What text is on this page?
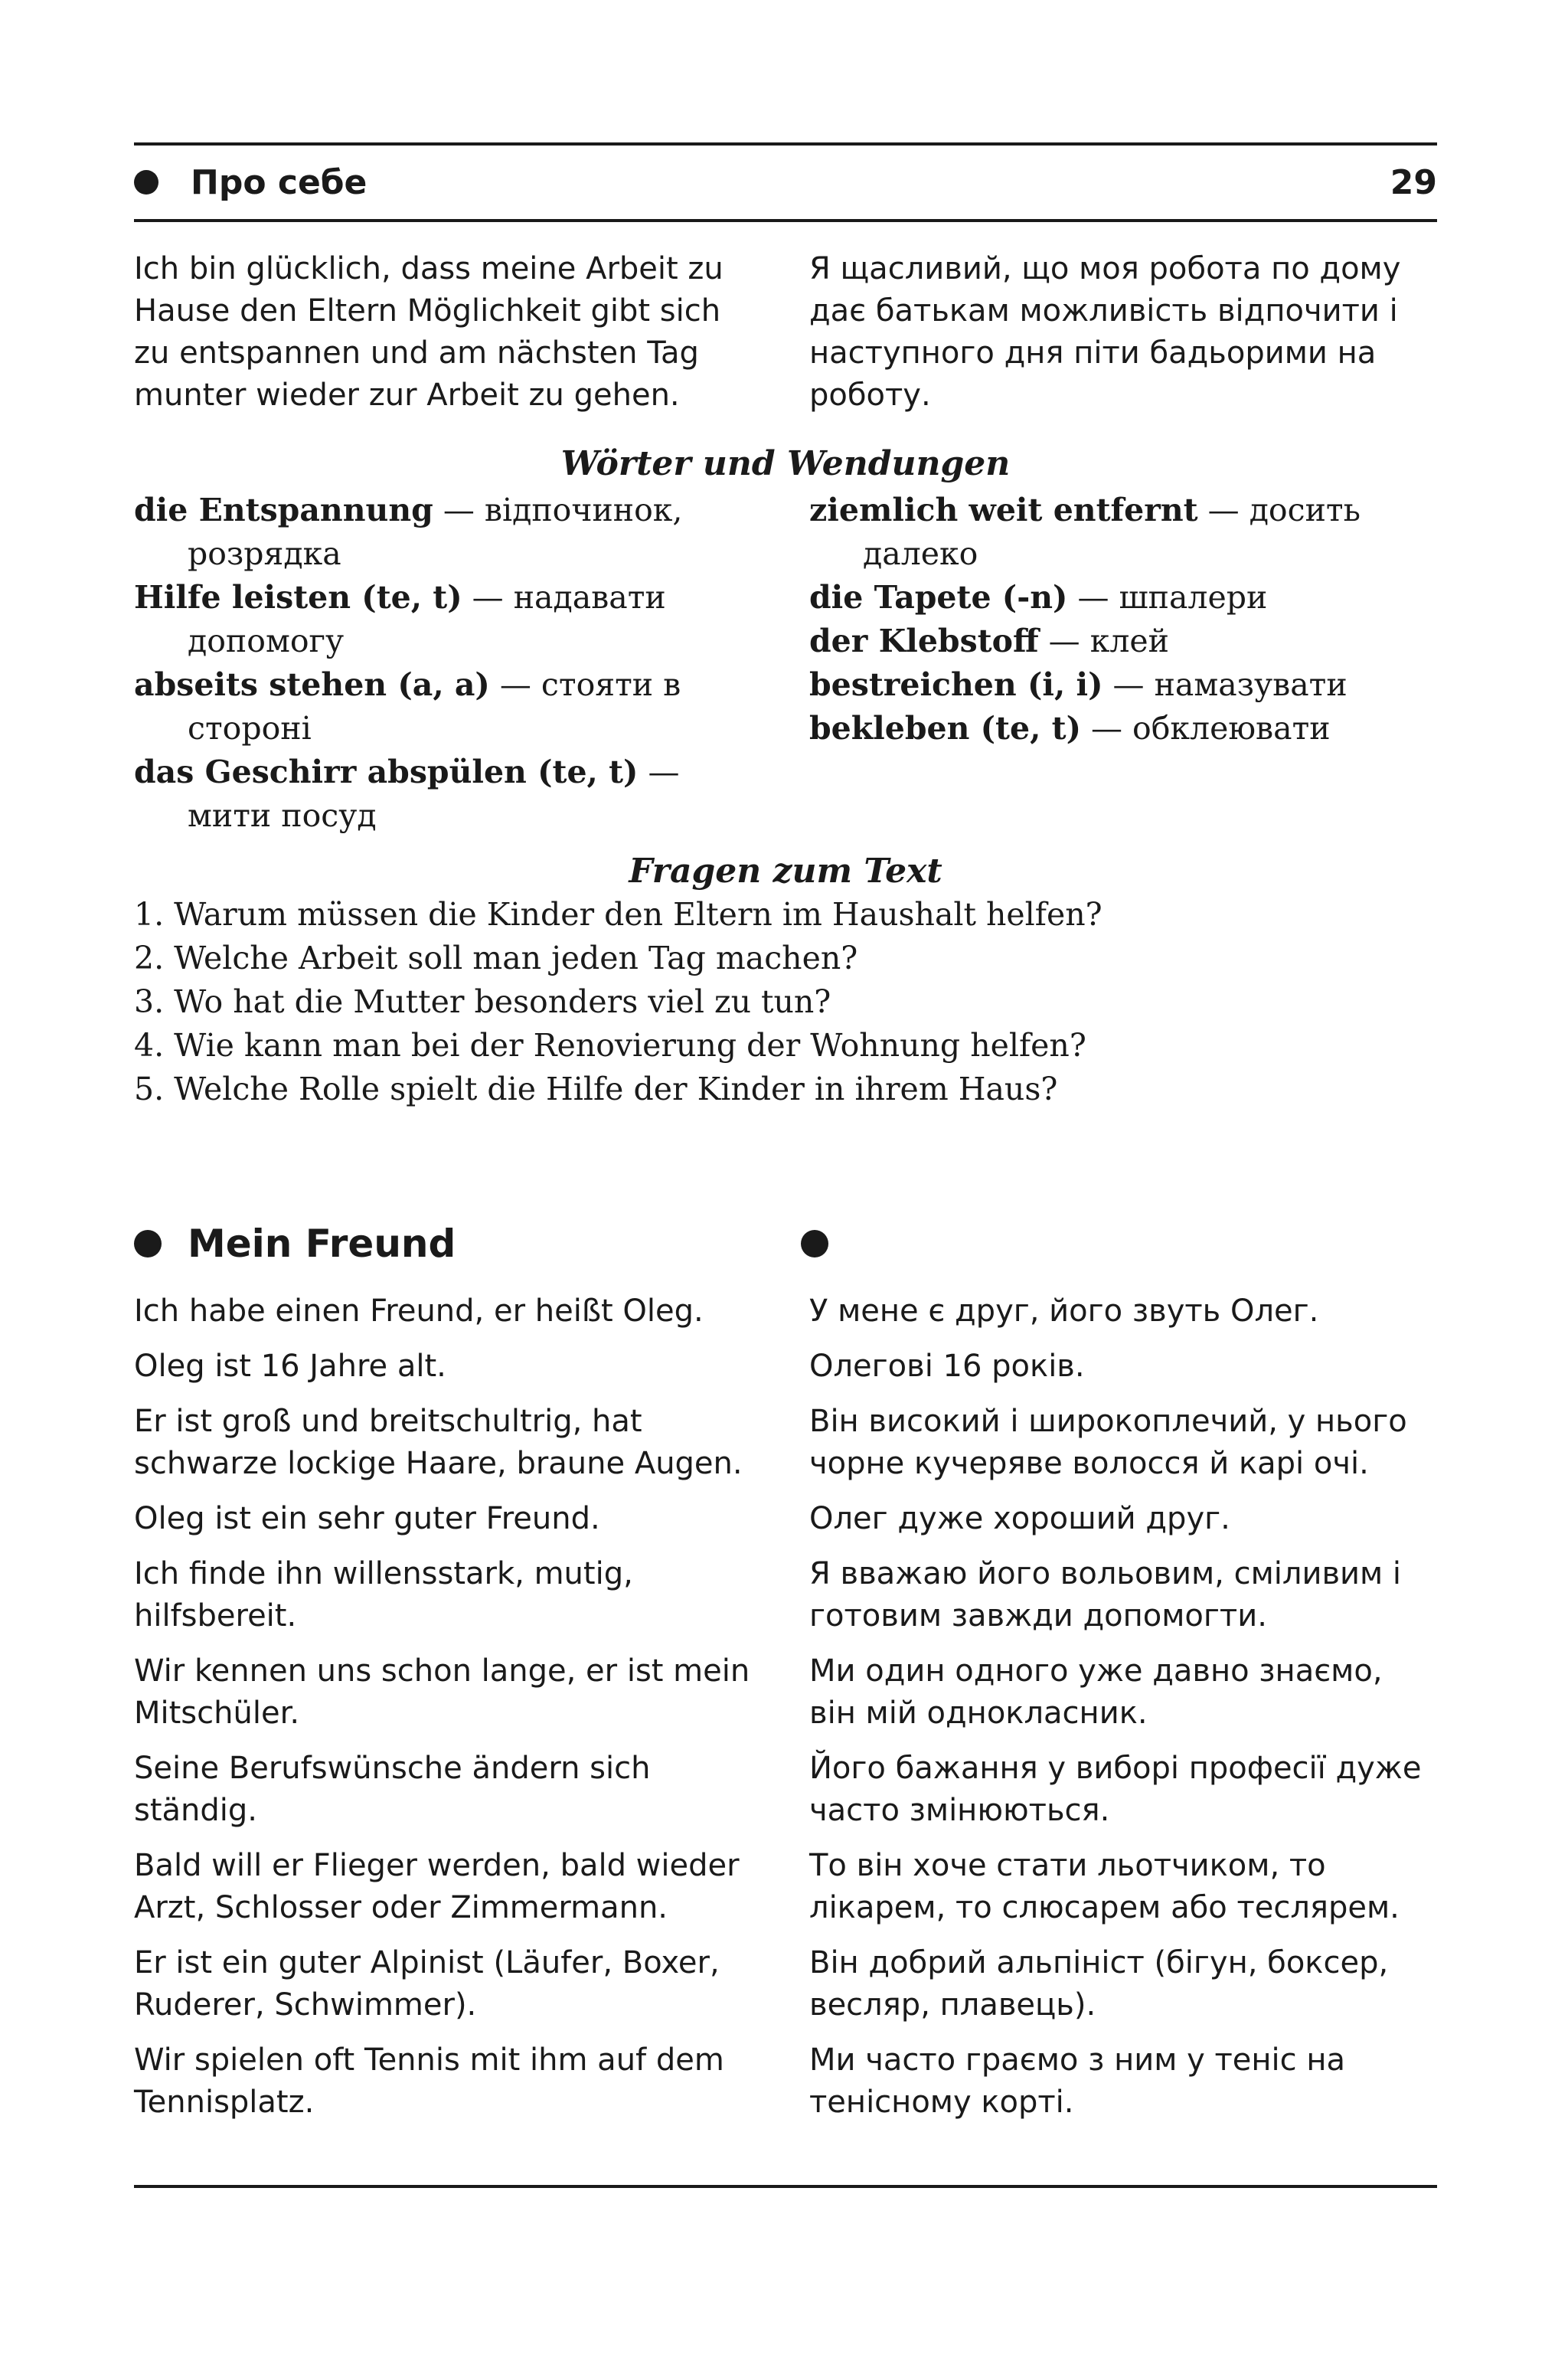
Про себе	29
Ich bin glücklich, dass meine Arbeit zu Hause den Eltern Möglichkeit gibt sich zu entspannen und am nächsten Tag munter wieder zur Arbeit zu gehen.
Я щасливий, що моя робота по дому дає батькам можливість відпочити і наступного дня піти бадьорими на роботу.
Wörter und Wendungen
die Entspannung — відпочинок, розрядка
Hilfe leisten (te, t) — надавати допомогу
abseits stehen (a, a) — стояти в стороні
das Geschirr abspülen (te, t) — мити посуд
ziemlich weit entfernt — досить далеко
die Tapete (-n) — шпалери
der Klebstoff — клей
bestreichen (i, i) — намазувати
bekleben (te, t) — обклеювати
Fragen zum Text
1. Warum müssen die Kinder den Eltern im Haushalt helfen?
2. Welche Arbeit soll man jeden Tag machen?
3. Wo hat die Mutter besonders viel zu tun?
4. Wie kann man bei der Renovierung der Wohnung helfen?
5. Welche Rolle spielt die Hilfe der Kinder in ihrem Haus?
Mein Freund
Ich habe einen Freund, er heißt Oleg.	У мене є друг, його звуть Олег.
Oleg ist 16 Jahre alt.	Олегові 16 років.
Er ist groß und breitschultrig, hat schwarze lockige Haare, braune Augen.
Він високий і широкоплечий, у нього чорне кучеряве волосся й карі очі.
Oleg ist ein sehr guter Freund.	Олег дуже хороший друг.
Ich finde ihn willensstark, mutig, hilfsbereit.
Я вважаю його вольовим, сміливим і готовим завжди допомогти.
Wir kennen uns schon lange, er ist mein Mitschüler.
Ми один одного уже давно знаємо, він мій однокласник.
Seine Berufswünsche ändern sich ständig.
Його бажання у виборі професії дуже часто змінюються.
Bald will er Flieger werden, bald wieder Arzt, Schlosser oder Zimmermann.
То він хоче стати льотчиком, то лікарем, то слюсарем або теслярем.
Er ist ein guter Alpinist (Läufer, Boxer, Ruderer, Schwimmer).
Він добрий альпініст (бігун, боксер, весляр, плавець).
Wir spielen oft Tennis mit ihm auf dem Tennisplatz.
Ми часто граємо з ним у теніс на тенісному корті.
